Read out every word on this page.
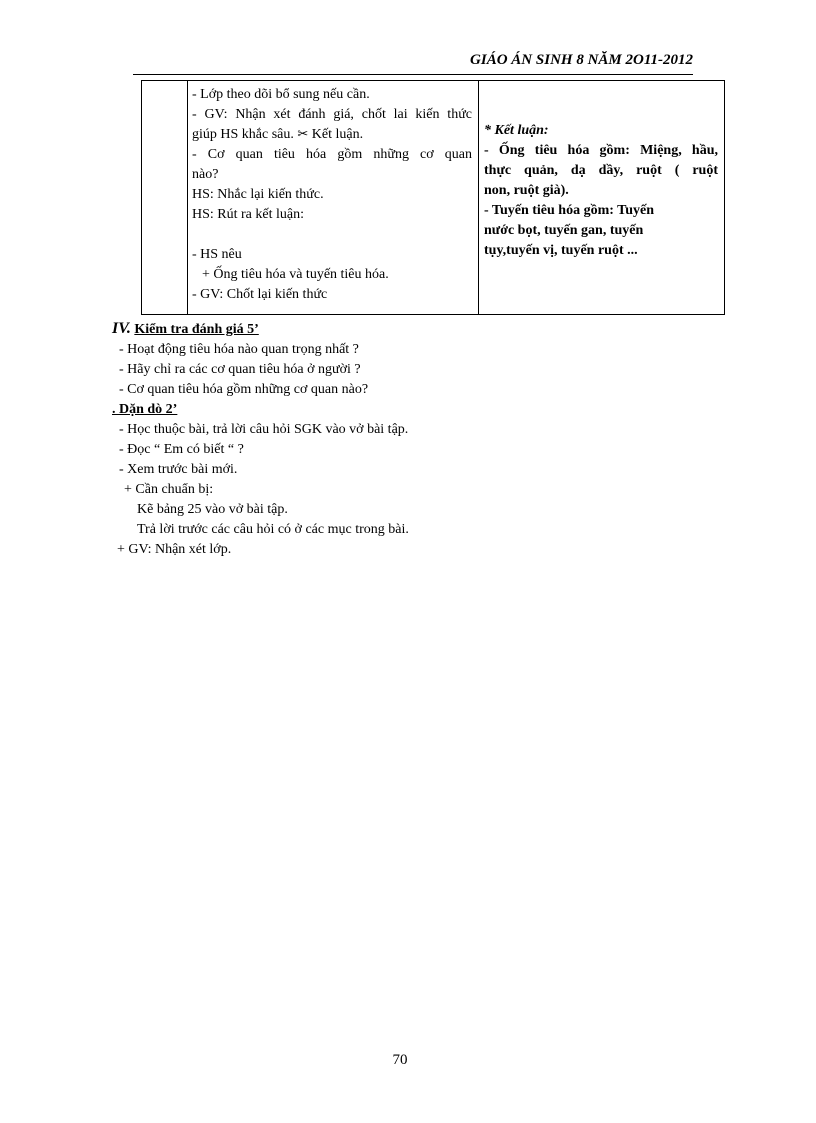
GIÁO ÁN SINH 8 NĂM 2O11-2012
- Lớp theo dõi bổ sung nếu cần.
- GV: Nhận xét đánh giá, chốt lai kiến thức
giúp HS khắc sâu. ✂ Kết luận.
- Cơ quan tiêu hóa gồm những cơ quan
nào?
HS: Nhắc lại kiến thức.
HS: Rút ra kết luận:
- HS nêu
+ Ống tiêu hóa và tuyến tiêu hóa.
- GV: Chốt lại kiến thức
* Kết luận:
- Ống tiêu hóa gồm: Miệng, hầu,
thực quản, dạ dầy, ruột ( ruột
non, ruột già).
- Tuyến tiêu hóa gồm: Tuyến
nước bọt, tuyến gan, tuyến
tụy,tuyến vị, tuyến ruột ...
IV. Kiểm tra đánh giá 5’
- Hoạt động tiêu hóa nào quan trọng nhất ?
- Hãy chỉ ra các cơ quan tiêu hóa ở người ?
- Cơ quan tiêu hóa gồm những cơ quan nào?
. Dặn dò 2’
- Học thuộc bài, trả lời câu hỏi SGK vào vở bài tập.
- Đọc “ Em có biết “ ?
- Xem trước bài mới.
+ Cần chuẩn bị:
Kẽ bảng 25 vào vở bài tập.
Trả lời trước các câu hỏi có ở các mục trong bài.
+ GV: Nhận xét lớp.
70
